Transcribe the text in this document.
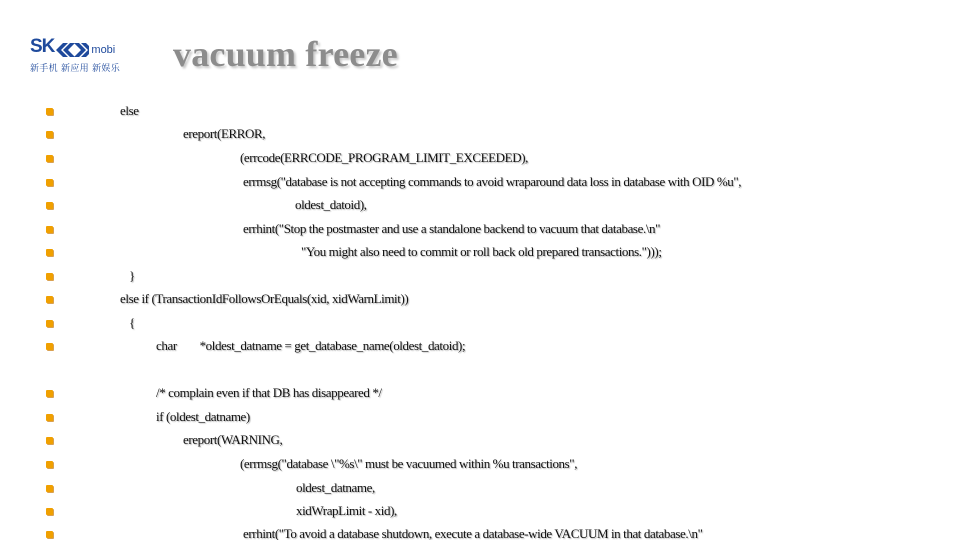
SK	mobi
新手机 新应用 新娱乐 vacuum freeze
else
ereport(ERROR,
(errcode(ERRCODE_PROGRAM_LIMIT_EXCEEDED),
errmsg("database is not accepting commands to avoid wraparound data loss in database with OID %u",
oldest_datoid),
errhint("Stop the postmaster and use a standalone backend to vacuum that database.\n"
"You might also need to commit or roll back old prepared transactions.")));
}
else if (TransactionIdFollowsOrEquals(xid, xidWarnLimit))
{
char        *oldest_datname = get_database_name(oldest_datoid);
/* complain even if that DB has disappeared */
if (oldest_datname)
ereport(WARNING,
(errmsg("database \"%s\" must be vacuumed within %u transactions",
oldest_datname,
xidWrapLimit - xid),
errhint("To avoid a database shutdown, execute a database-wide VACUUM in that database.\n"
